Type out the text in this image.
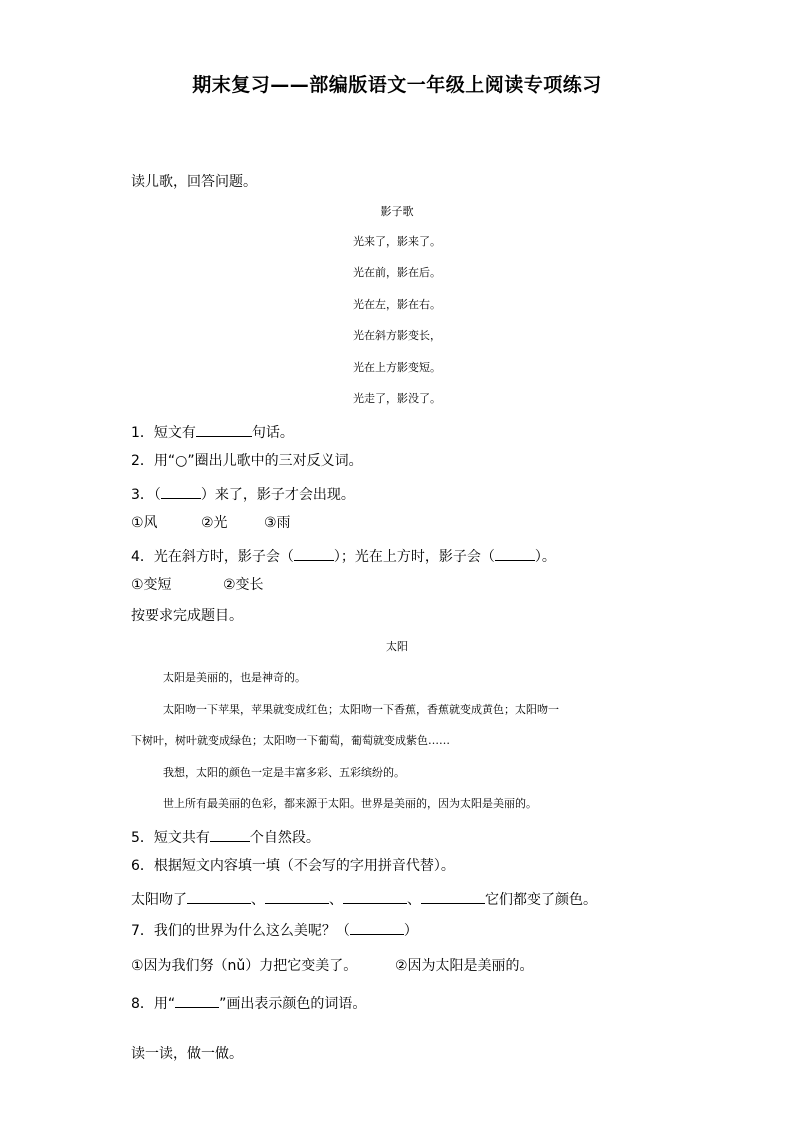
期末复习——部编版语文一年级上阅读专项练习
读儿歌，回答问题。
影子歌
光来了，影来了。
光在前，影在后。
光在左，影在右。
光在斜方影变长，
光在上方影变短。
光走了，影没了。
1．短文有	句话。
2．用“○”圈出儿歌中的三对反义词。
3．（	）来了，影子才会出现。
①风	②光	③雨
4．光在斜方时，影子会（	）；光在上方时，影子会（	）。
①变短	②变长
按要求完成题目。
太阳
太阳是美丽的，也是神奇的。
太阳吻一下苹果，苹果就变成红色；太阳吻一下香蕉，香蕉就变成黄色；太阳吻一
下树叶，树叶就变成绿色；太阳吻一下葡萄，葡萄就变成紫色……
我想，太阳的颜色一定是丰富多彩、五彩缤纷的。
世上所有最美丽的色彩，都来源于太阳。世界是美丽的，因为太阳是美丽的。
5．短文共有	个自然段。
6．根据短文内容填一填（不会写的字用拼音代替）。
太阳吻了	、	、	、	它们都变了颜色。
7．我们的世界为什么这么美呢？（	）
①因为我们努（nǔ）力把它变美了。	②因为太阳是美丽的。
8．用“	”画出表示颜色的词语。
读一读，做一做。
